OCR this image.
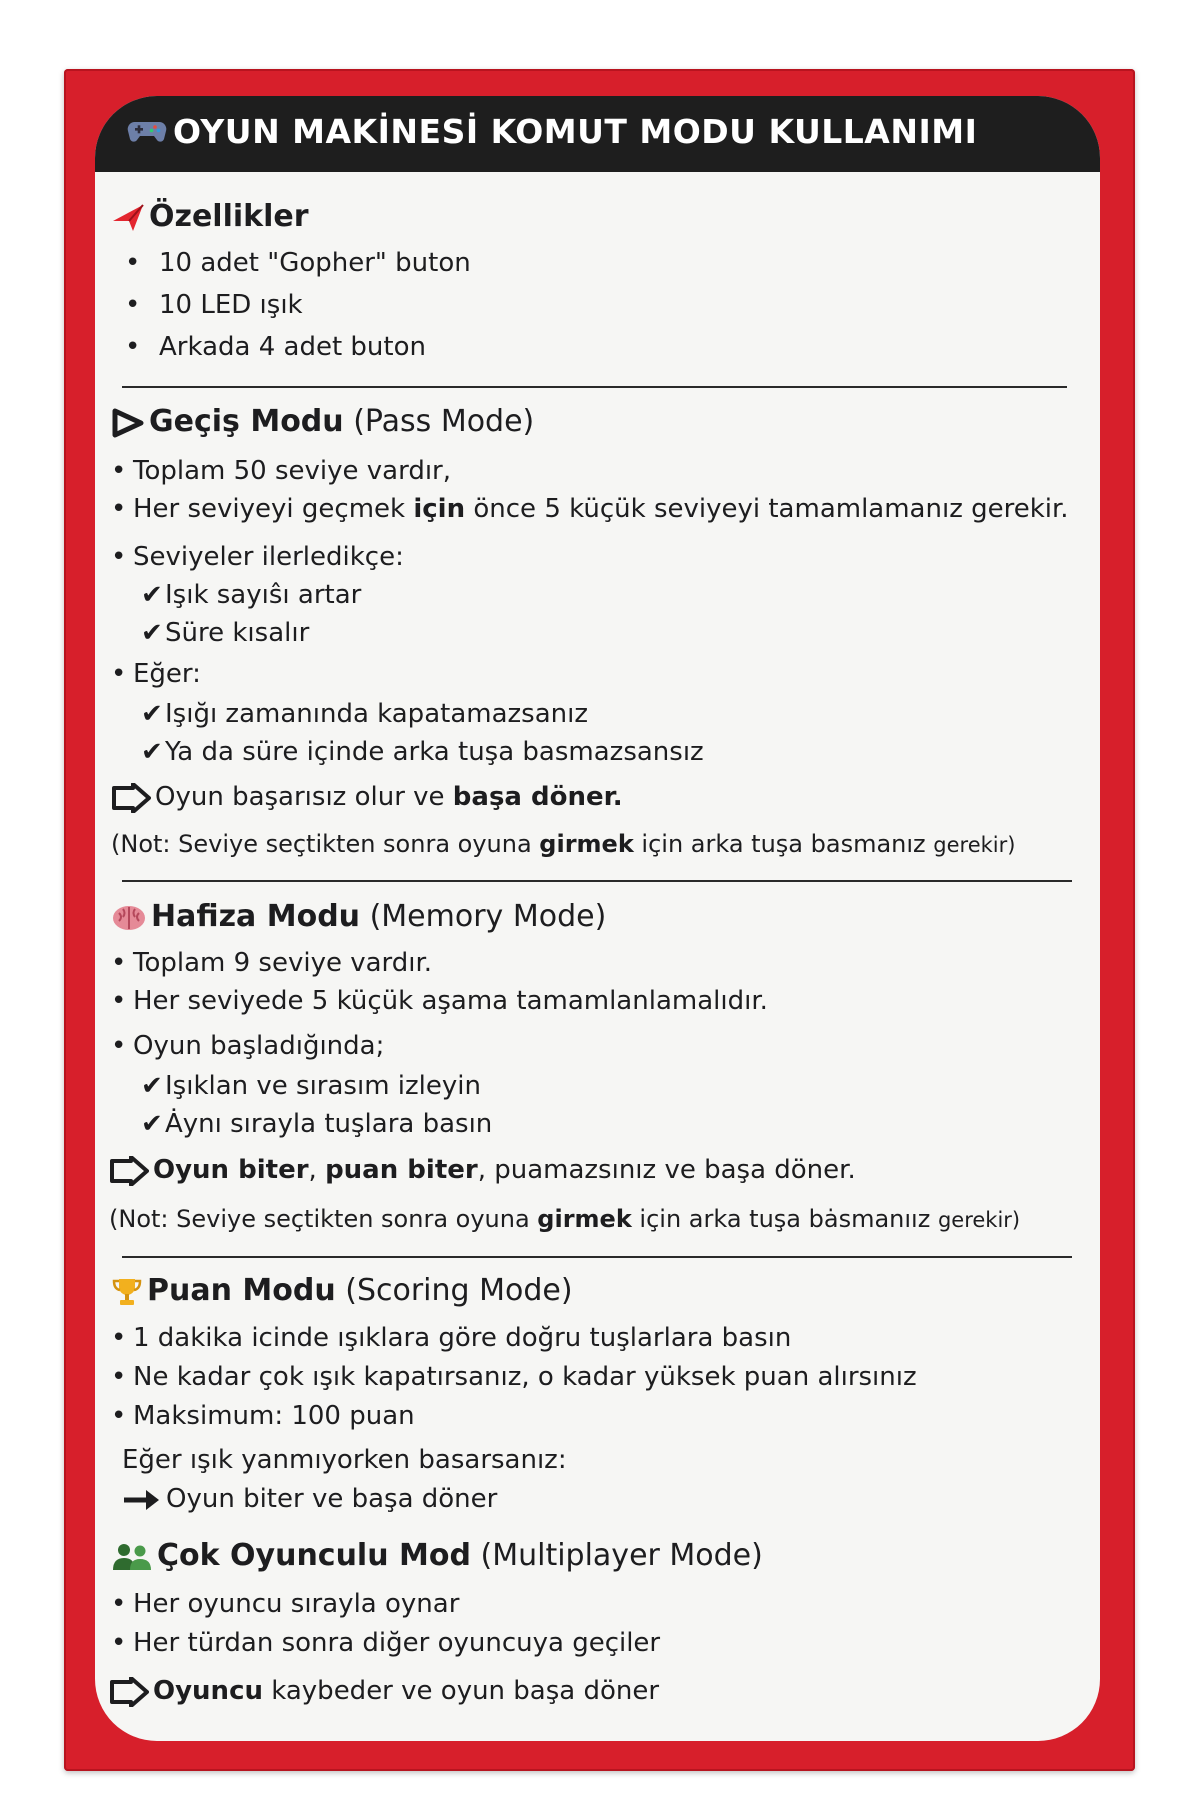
OYUN MAKİNESİ KOMUT MODU KULLANIMI
Özellikler
• 10 adet "Gopher" buton
• 10 LED ışık
• Arkada 4 adet buton
Geçiş Modu (Pass Mode)
• Toplam 50 seviye vardır,
• Her seviyeyi geçmek için önce 5 küçük seviyeyi tamamlamanız gerekir.
• Seviyeler ilerledikçe:
✔Işık sayıŝı artar
✔Süre kısalır
• Eğer:
✔Işığı zamanında kapatamazsanız
✔Ya da süre içinde arka tuşa basmazsansız
Oyun başarısız olur ve başa döner.
(Not: Seviye seçtikten sonra oyuna girmek için arka tuşa basmanız gerekir)
Hafiza Modu (Memory Mode)
• Toplam 9 seviye vardır.
• Her seviyede 5 küçük aşama tamamlanlamalıdır.
• Oyun başladığında;
✔Işıklan ve sırasım izleyin
✔Ȧynı sırayla tuşlara basın
Oyun biter, puan biter, puamazsınız ve başa döner.
(Not: Seviye seçtikten sonra oyuna girmek için arka tuşa bȧsmanıız gerekir)
Puan Modu (Scoring Mode)
• 1 dakika icinde ışıklara göre doğru tuşlarlara basın
• Ne kadar çok ışık kapatırsanız, o kadar yüksek puan alırsınız
• Maksimum: 100 puan
Eğer ışık yanmıyorken basarsanız:
Oyun biter ve başa döner
Çok Oyunculu Mod (Multiplayer Mode)
• Her oyuncu sırayla oynar
• Her türdan sonra diğer oyuncuya geçiler
Oyuncu kaybeder ve oyun başa döner
